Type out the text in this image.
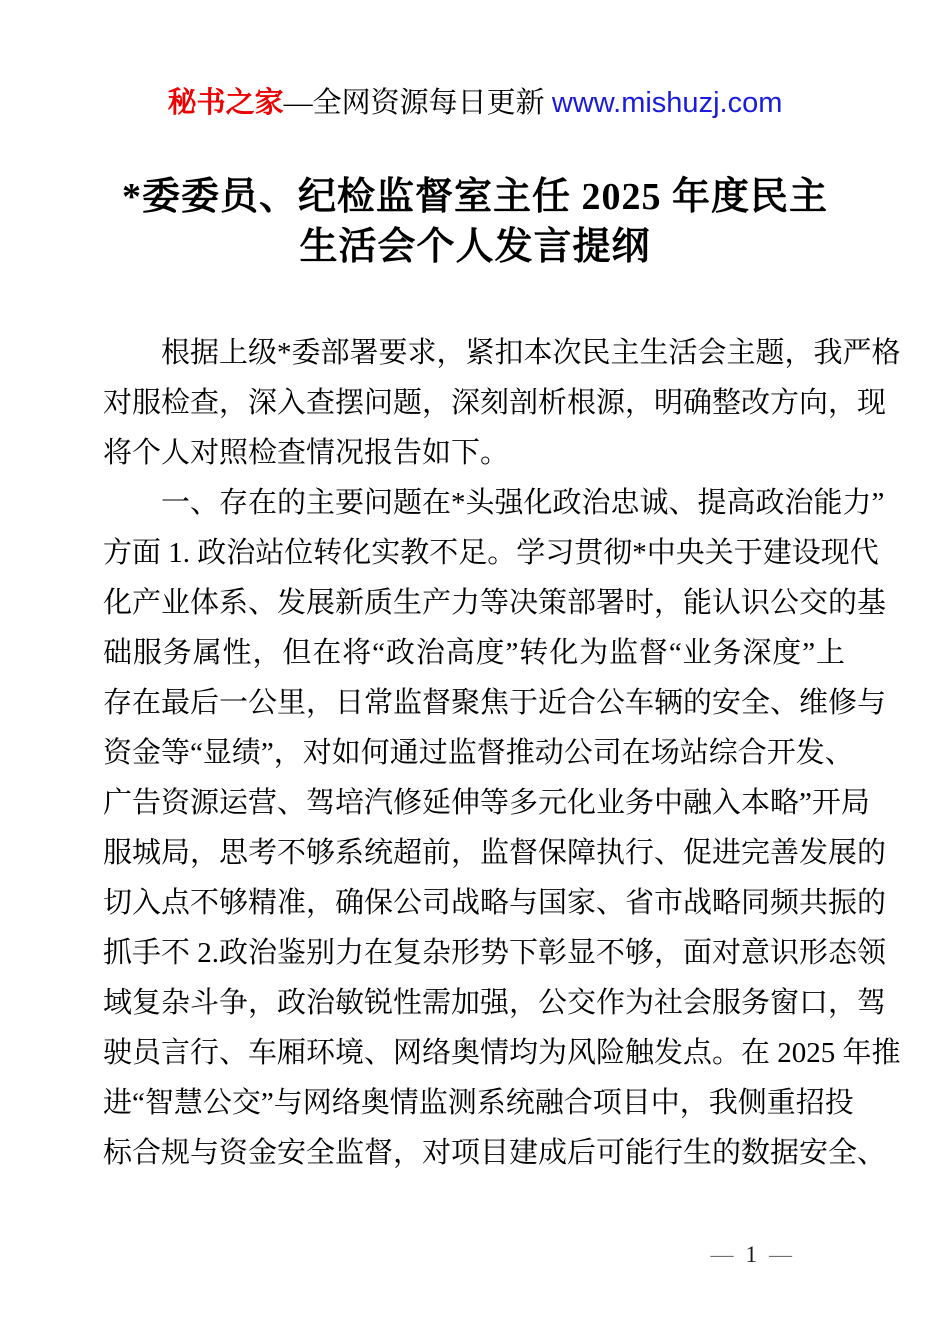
秘书之家—全网资源每日更新 www.mishuzj.com
*委委员、纪检监督室主任 2025 年度民主
生活会个人发言提纲
根据上级*委部署要求，紧扣本次民主生活会主题，我严格
对服检查，深入查摆问题，深刻剖析根源，明确整改方向，现
将个人对照检查情况报告如下。
一、存在的主要问题在*头强化政治忠诚、提高政治能力”
方面 1. 政治站位转化实教不足。学习贯彻*中央关于建设现代
化产业体系、发展新质生产力等决策部署时，能认识公交的基
础服务属性，但在将“政治高度”转化为监督“业务深度”上
存在最后一公里，日常监督聚焦于近合公车辆的安全、维修与
资金等“显绩”，对如何通过监督推动公司在场站综合开发、
广告资源运营、驾培汽修延伸等多元化业务中融入本略”开局
服城局，思考不够系统超前，监督保障执行、促进完善发展的
切入点不够精准，确保公司战略与国家、省市战略同频共振的
抓手不 2.政治鉴别力在复杂形势下彰显不够，面对意识形态领
域复杂斗争，政治敏锐性需加强，公交作为社会服务窗口，驾
驶员言行、车厢环境、网络奥情均为风险触发点。在 2025 年推
进“智慧公交”与网络奥情监测系统融合项目中，我侧重招投
标合规与资金安全监督，对项目建成后可能行生的数据安全、
— 1 —
